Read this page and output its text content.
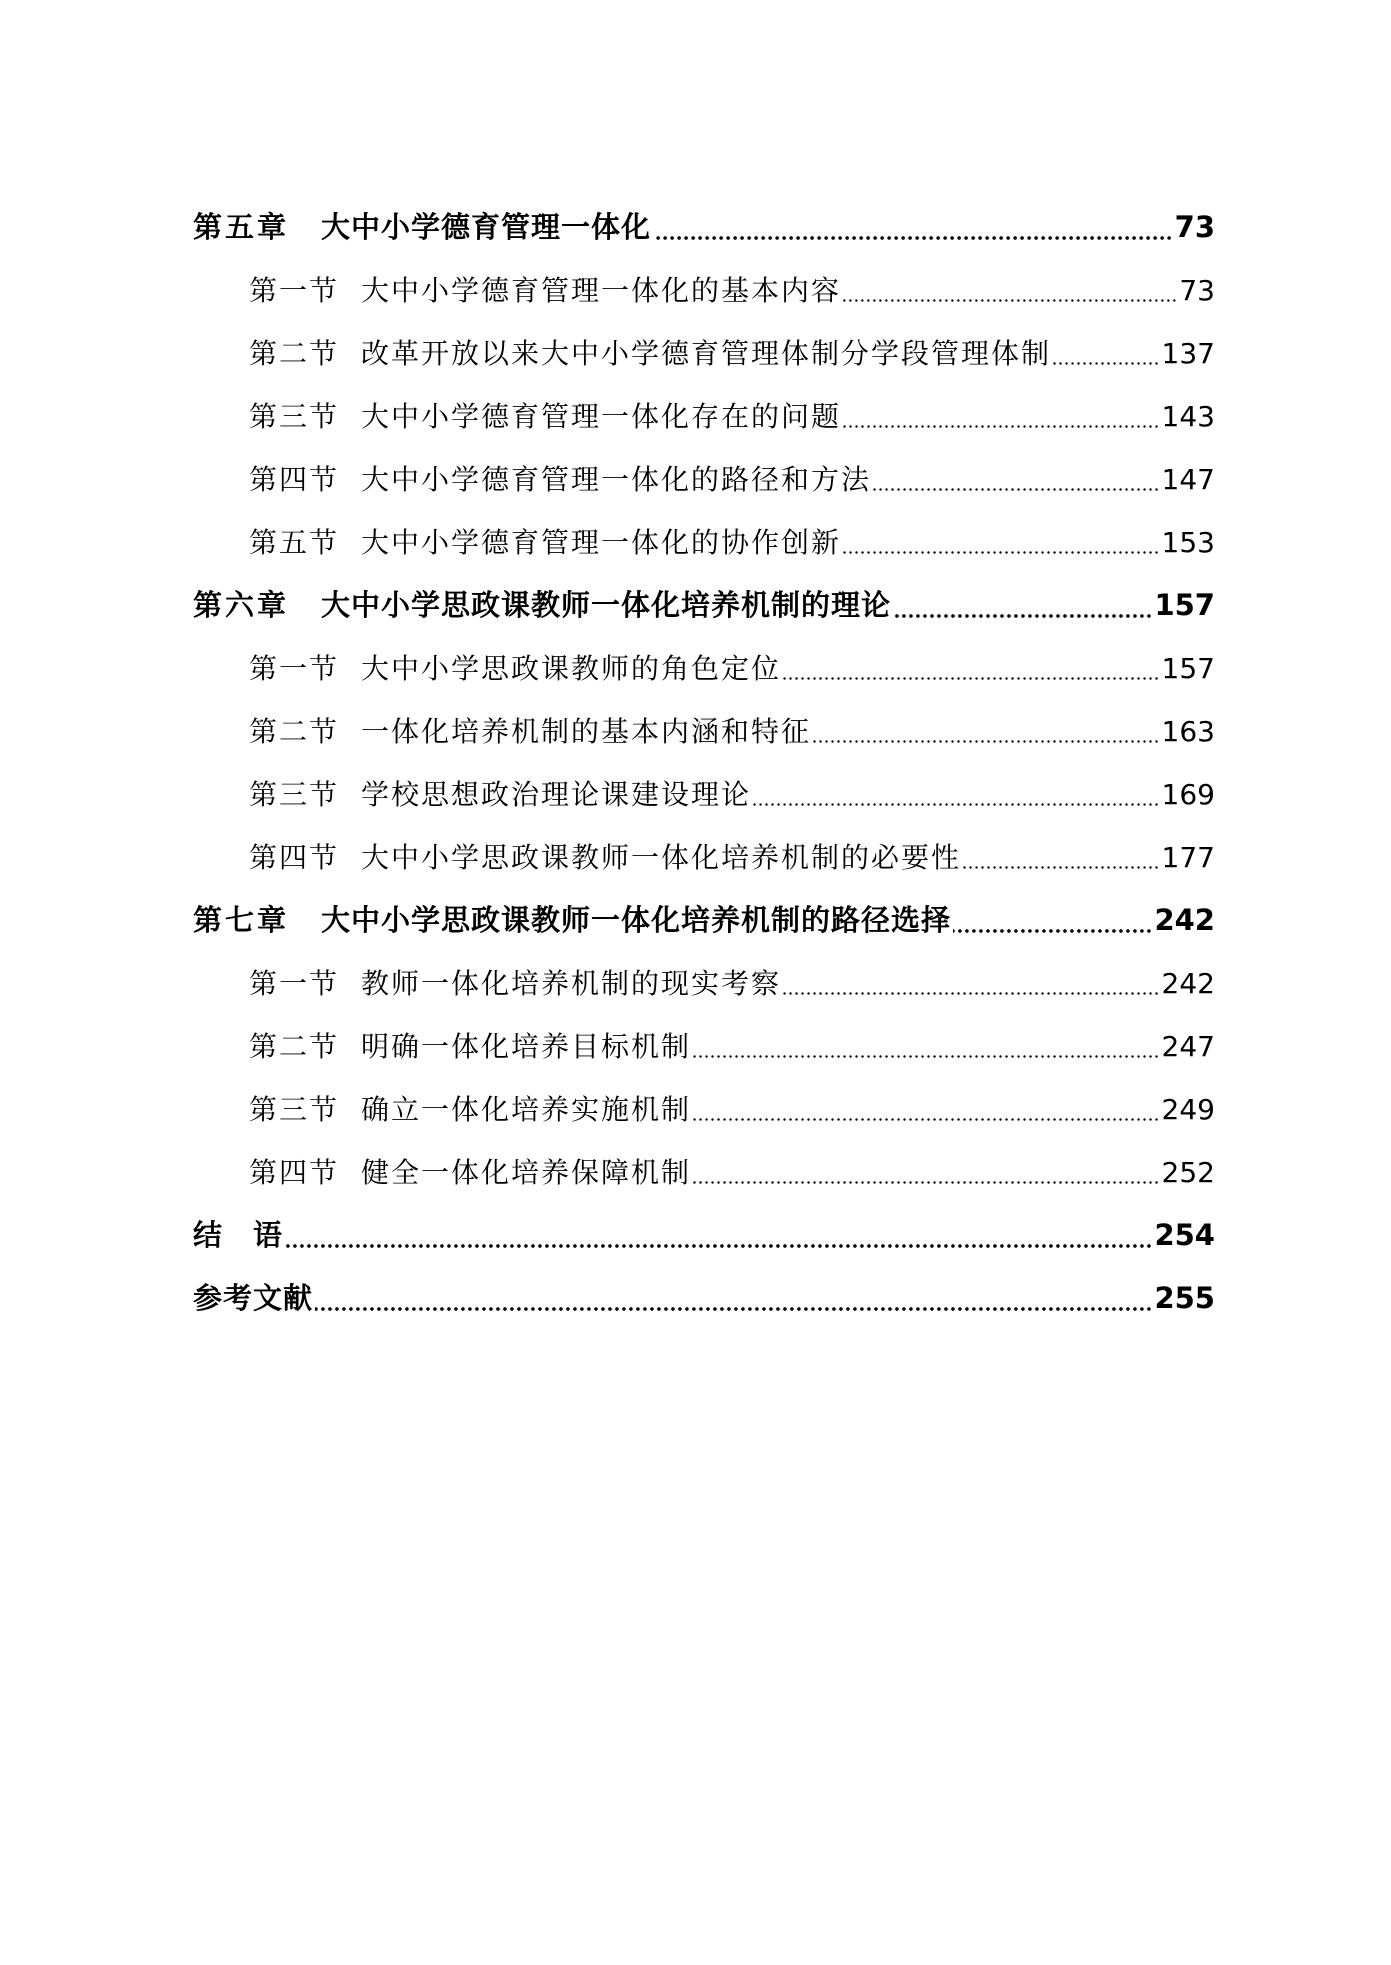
第五章	大中小学德育管理一体化	73
第一节 大中小学德育管理一体化的基本内容	73
第二节 改革开放以来大中小学德育管理体制分学段管理体制	137
第三节 大中小学德育管理一体化存在的问题	143
第四节 大中小学德育管理一体化的路径和方法	147
第五节 大中小学德育管理一体化的协作创新	153
第六章	大中小学思政课教师一体化培养机制的理论	157
第一节 大中小学思政课教师的角色定位	157
第二节 一体化培养机制的基本内涵和特征	163
第三节 学校思想政治理论课建设理论	169
第四节 大中小学思政课教师一体化培养机制的必要性	177
第七章	大中小学思政课教师一体化培养机制的路径选择	242
第一节 教师一体化培养机制的现实考察	242
第二节 明确一体化培养目标机制	247
第三节 确立一体化培养实施机制	249
第四节 健全一体化培养保障机制	252
结　语	254
参考文献	255
